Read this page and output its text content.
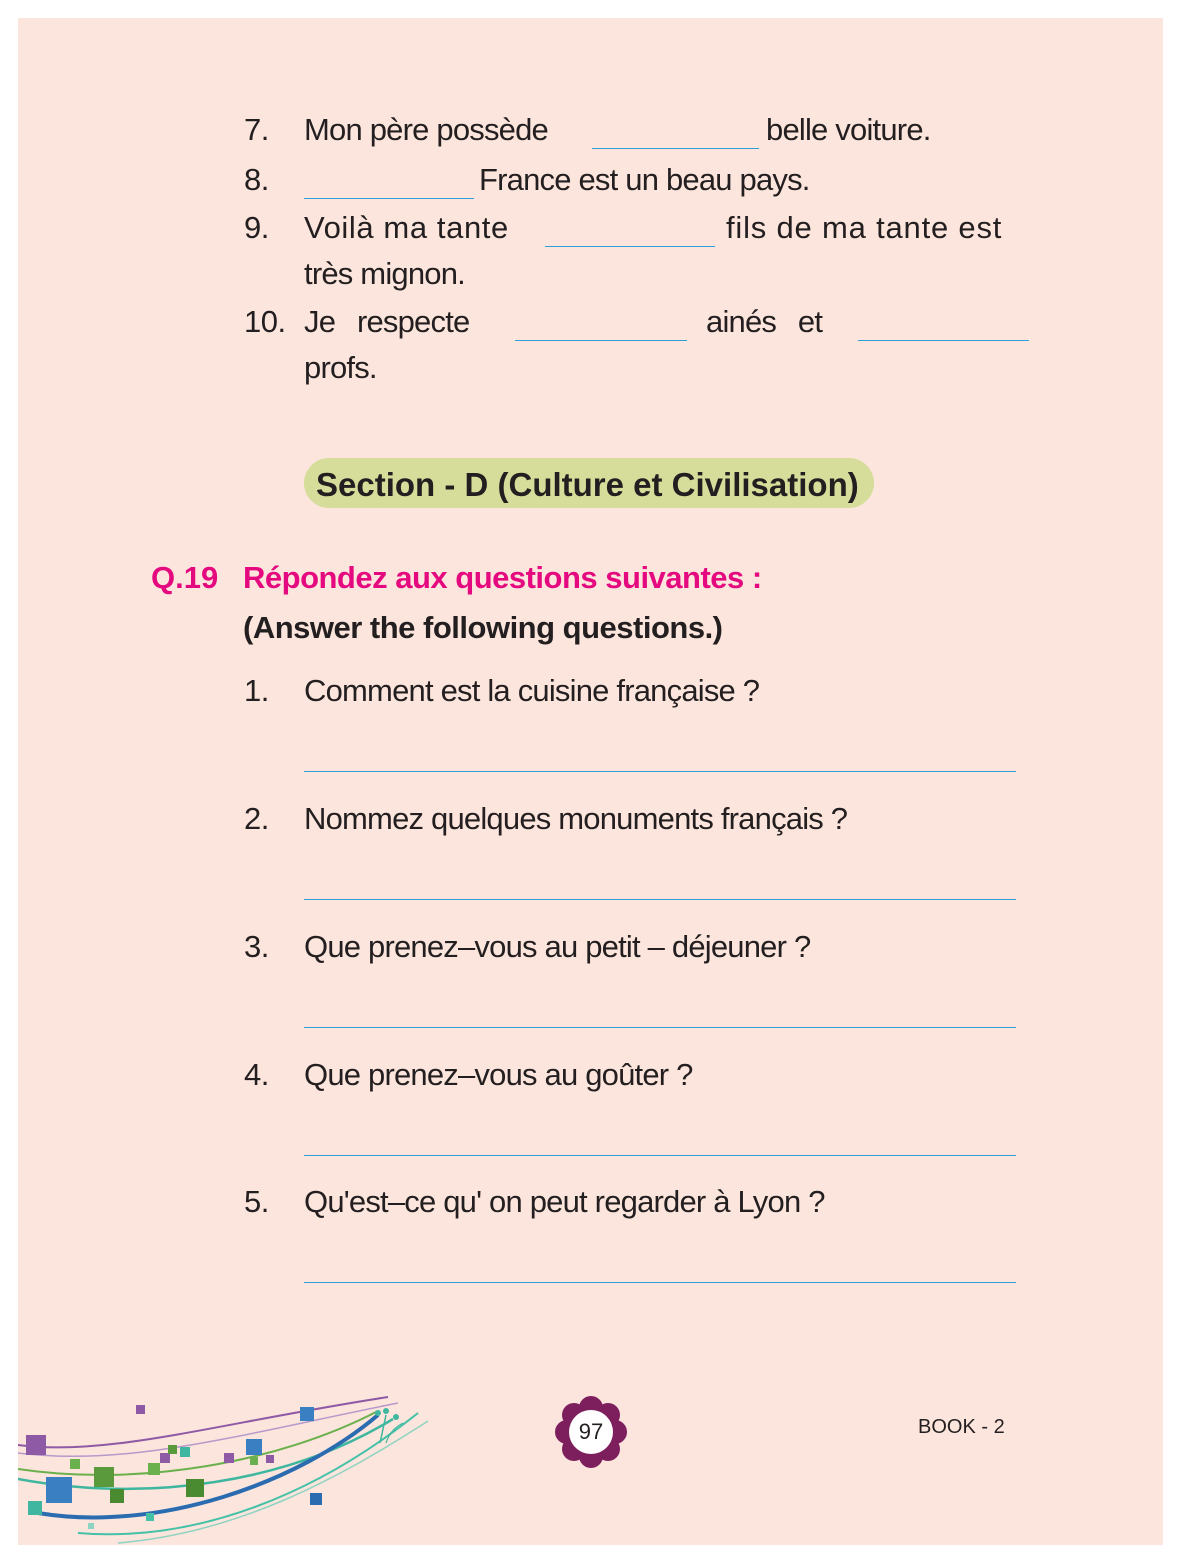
7. Mon père possède	belle voiture.
8.	France est un beau pays.
9. Voilà ma tante	fils de ma tante est
très mignon.
10. Je respecte	ainés et
profs.
Section - D (Culture et Civilisation)
Q.19 Répondez aux questions suivantes :
(Answer the following questions.)
1. Comment est la cuisine française ?
2. Nommez quelques monuments français ?
3. Que prenez–vous au petit – déjeuner ?
4. Que prenez–vous au goûter ?
5. Qu'est–ce qu' on peut regarder à Lyon ?
97	BOOK - 2
